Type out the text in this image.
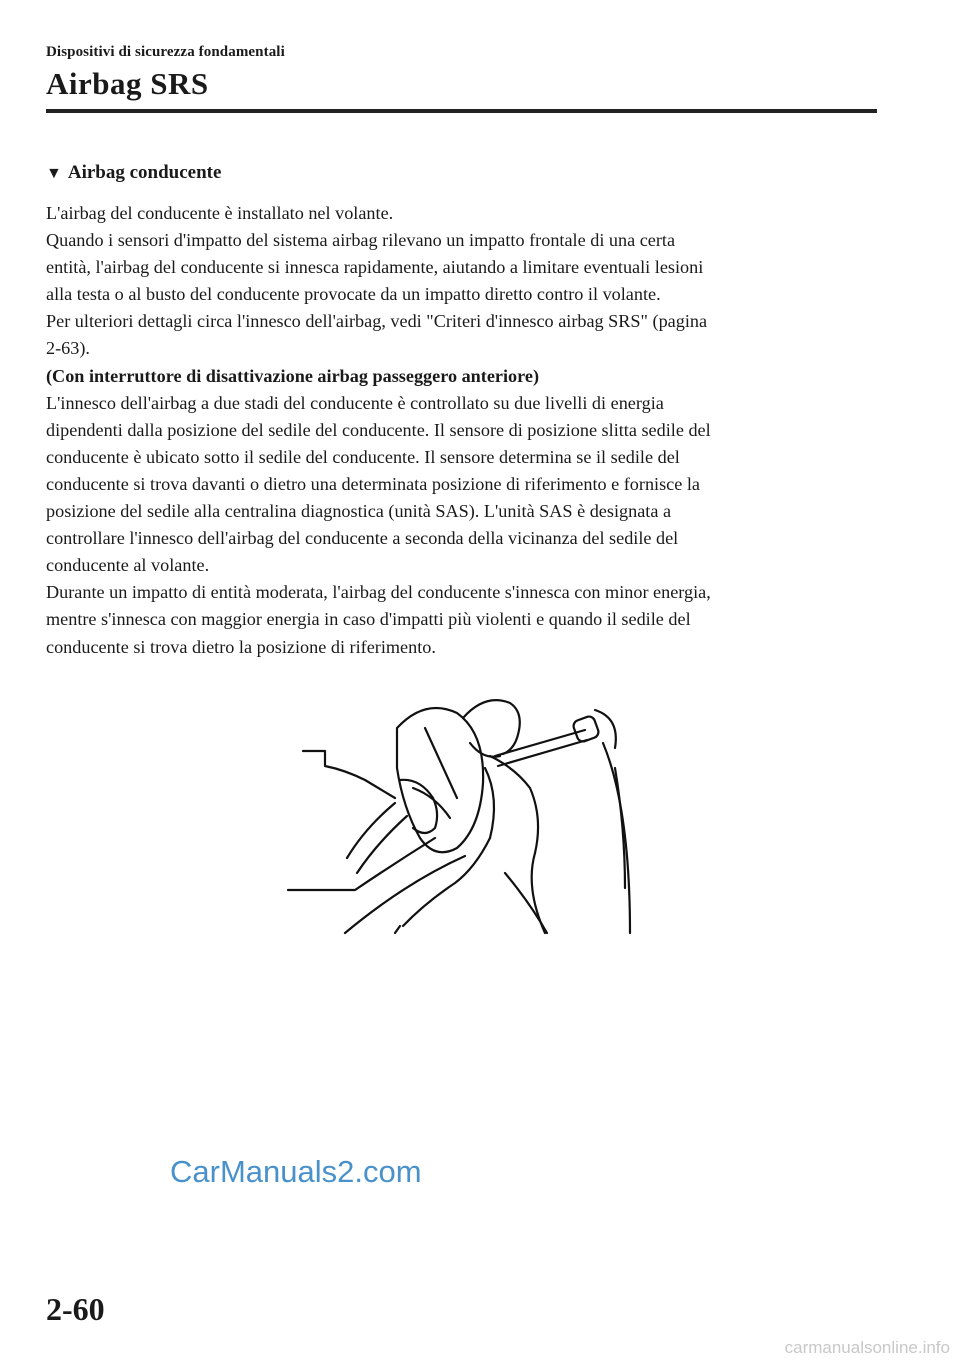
Dispositivi di sicurezza fondamentali
Airbag SRS
▼ Airbag conducente

L'airbag del conducente è installato nel volante.

Quando i sensori d'impatto del sistema airbag rilevano un impatto frontale di una certa

entità, l'airbag del conducente si innesca rapidamente, aiutando a limitare eventuali lesioni

alla testa o al busto del conducente provocate da un impatto diretto contro il volante.

Per ulteriori dettagli circa l'innesco dell'airbag, vedi "Criteri d'innesco airbag SRS" (pagina

2-63).

(Con interruttore di disattivazione airbag passeggero anteriore)

L'innesco dell'airbag a due stadi del conducente è controllato su due livelli di energia

dipendenti dalla posizione del sedile del conducente. Il sensore di posizione slitta sedile del

conducente è ubicato sotto il sedile del conducente. Il sensore determina se il sedile del

conducente si trova davanti o dietro una determinata posizione di riferimento e fornisce la

posizione del sedile alla centralina diagnostica (unità SAS). L'unità SAS è designata a

controllare l'innesco dell'airbag del conducente a seconda della vicinanza del sedile del

conducente al volante.

Durante un impatto di entità moderata, l'airbag del conducente s'innesca con minor energia,

mentre s'innesca con maggior energia in caso d'impatti più violenti e quando il sedile del

conducente si trova dietro la posizione di riferimento.

CarManuals2.com
2-60
carmanualsonline.info
